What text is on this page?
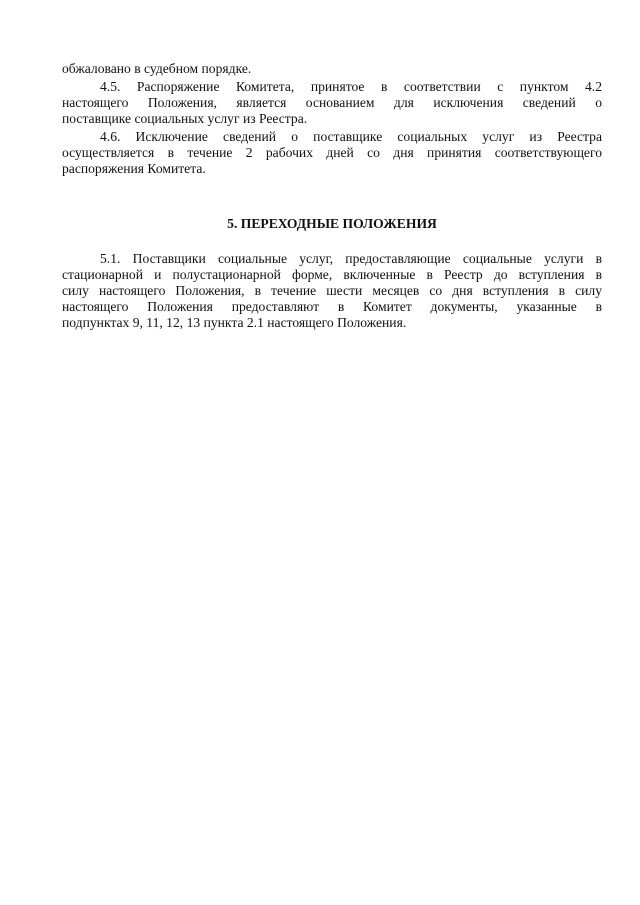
обжаловано в судебном порядке.
4.5. Распоряжение Комитета, принятое в соответствии с пунктом 4.2
настоящего Положения, является основанием для исключения сведений о
поставщике социальных услуг из Реестра.
4.6. Исключение сведений о поставщике социальных услуг из Реестра
осуществляется в течение 2 рабочих дней со дня принятия соответствующего
распоряжения Комитета.
5. ПЕРЕХОДНЫЕ ПОЛОЖЕНИЯ
5.1. Поставщики социальные услуг, предоставляющие социальные услуги в
стационарной и полустационарной форме, включенные в Реестр до вступления в
силу настоящего Положения, в течение шести месяцев со дня вступления в силу
настоящего Положения предоставляют в Комитет документы, указанные в
подпунктах 9, 11, 12, 13 пункта 2.1 настоящего Положения.
